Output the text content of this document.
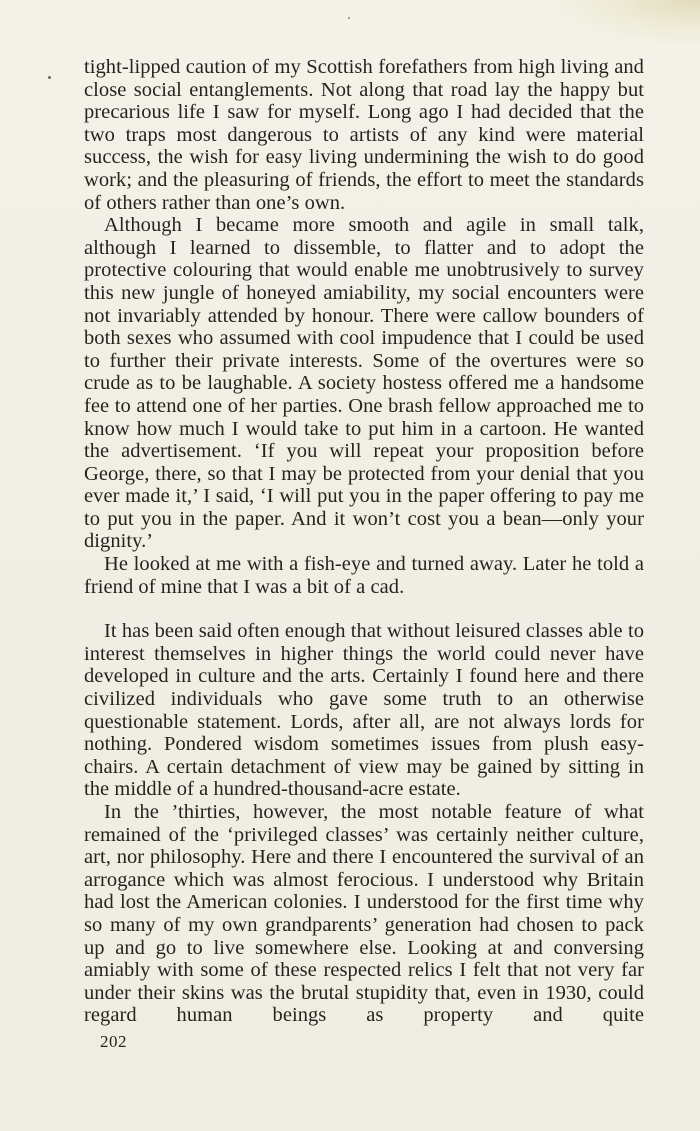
tight-lipped caution of my Scottish forefathers from high living and close social entanglements. Not along that road lay the happy but precarious life I saw for myself. Long ago I had decided that the two traps most dangerous to artists of any kind were material success, the wish for easy living undermining the wish to do good work; and the pleasuring of friends, the effort to meet the standards of others rather than one’s own.

Although I became more smooth and agile in small talk, although I learned to dissemble, to flatter and to adopt the protective colouring that would enable me unobtrusively to survey this new jungle of honeyed amiability, my social encounters were not invariably attended by honour. There were callow bounders of both sexes who assumed with cool impudence that I could be used to further their private interests. Some of the overtures were so crude as to be laughable. A society hostess offered me a handsome fee to attend one of her parties. One brash fellow approached me to know how much I would take to put him in a cartoon. He wanted the advertisement. ‘If you will repeat your proposition before George, there, so that I may be protected from your denial that you ever made it,’ I said, ‘I will put you in the paper offering to pay me to put you in the paper. And it won’t cost you a bean—only your dignity.’

He looked at me with a fish-eye and turned away. Later he told a friend of mine that I was a bit of a cad.

It has been said often enough that without leisured classes able to interest themselves in higher things the world could never have developed in culture and the arts. Certainly I found here and there civilized individuals who gave some truth to an otherwise questionable statement. Lords, after all, are not always lords for nothing. Pondered wisdom sometimes issues from plush easy-chairs. A certain detachment of view may be gained by sitting in the middle of a hundred-thousand-acre estate.

In the ’thirties, however, the most notable feature of what remained of the ‘privileged classes’ was certainly neither culture, art, nor philosophy. Here and there I encountered the survival of an arrogance which was almost ferocious. I understood why Britain had lost the American colonies. I understood for the first time why so many of my own grandparents’ generation had chosen to pack up and go to live somewhere else. Looking at and conversing amiably with some of these respected relics I felt that not very far under their skins was the brutal stupidity that, even in 1930, could regard human beings as property and quite

202
